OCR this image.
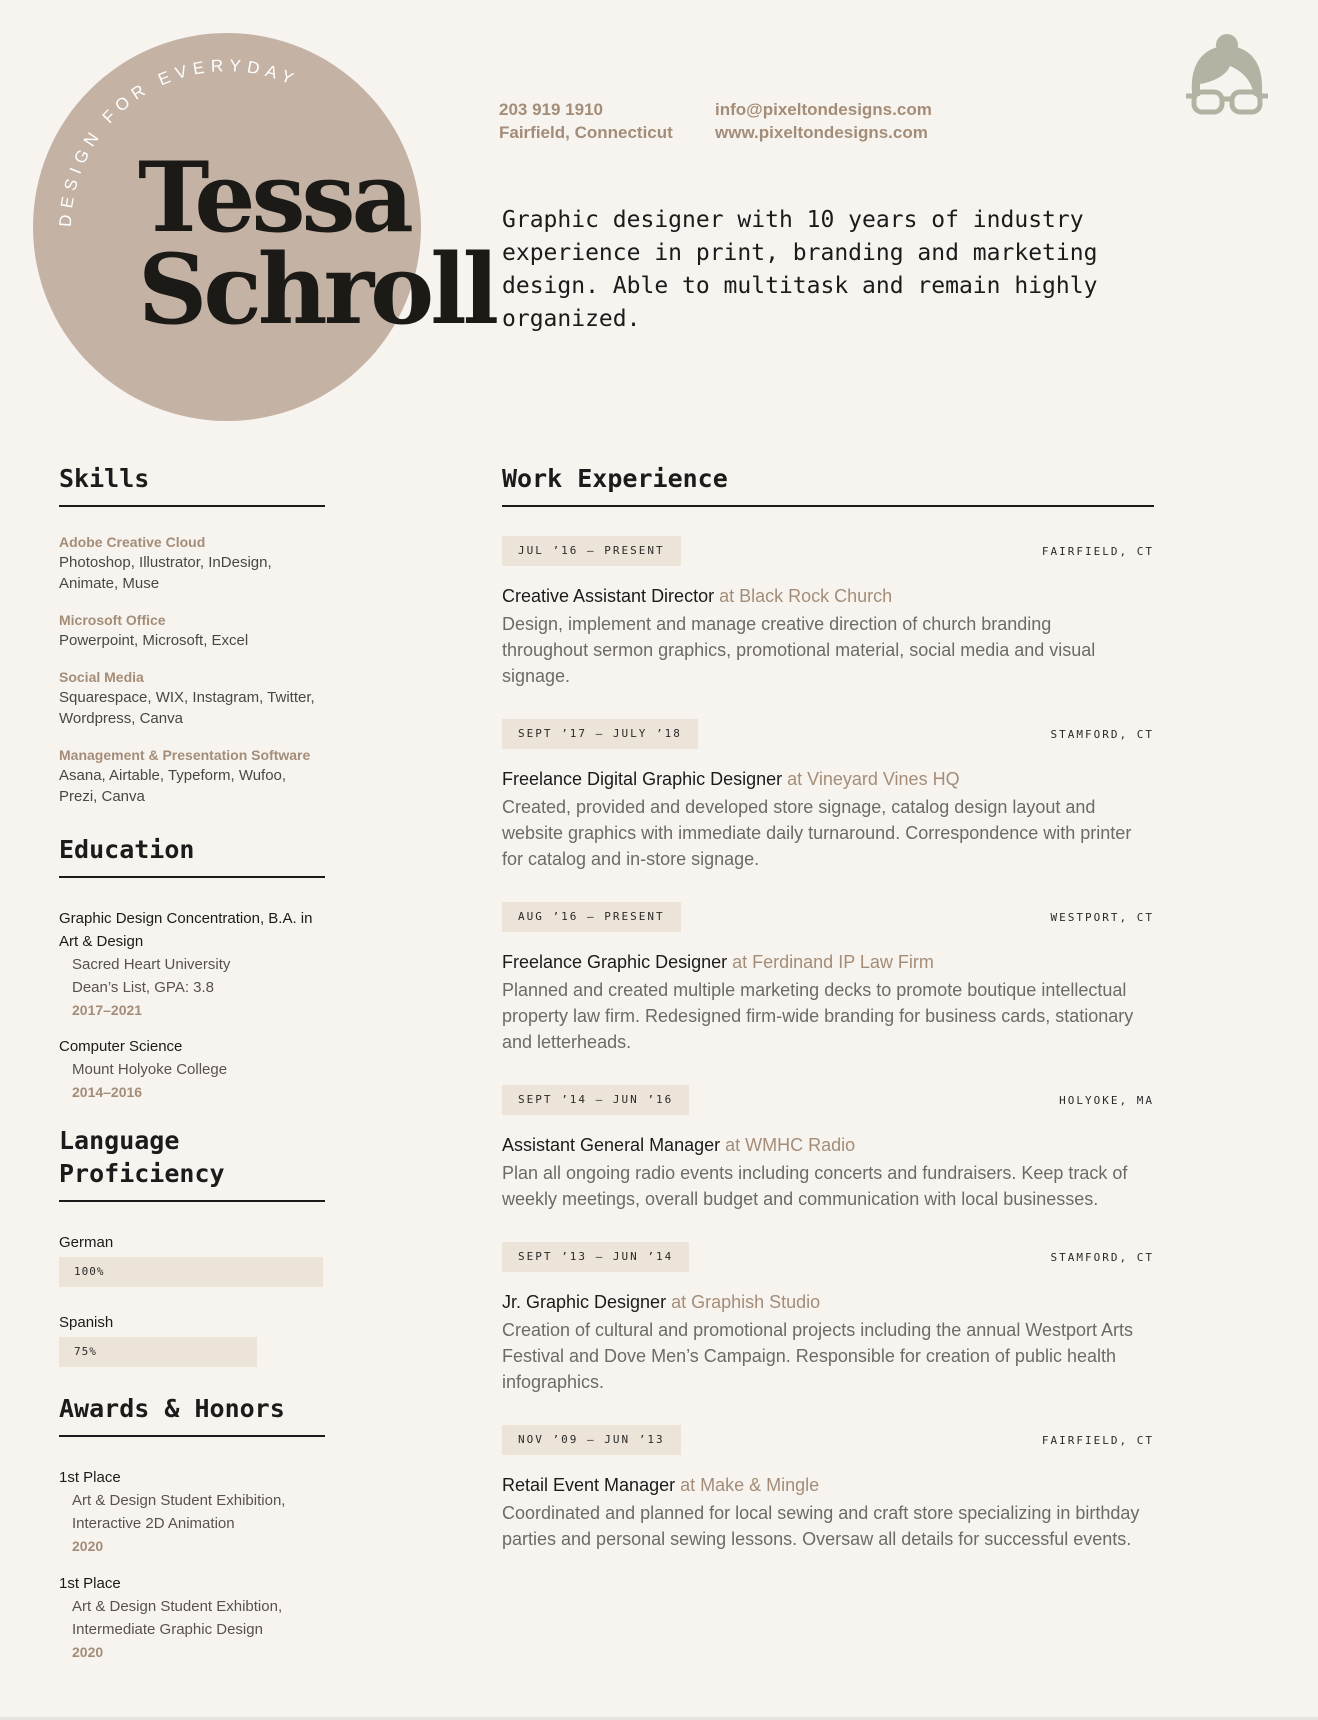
DESIGN FOR EVERYDAY
Tessa
Schroll
203 919 1910
Fairfield, Connecticut
info@pixeltondesigns.com
www.pixeltondesigns.com
Graphic designer with 10 years of industry experience in print, branding and marketing design. Able to multitask and remain highly organized.
Skills
Adobe Creative Cloud
Photoshop, Illustrator, InDesign, Animate, Muse
Microsoft Office
Powerpoint, Microsoft, Excel
Social Media
Squarespace, WIX, Instagram, Twitter, Wordpress, Canva
Management & Presentation Software
Asana, Airtable, Typeform, Wufoo, Prezi, Canva
Education
Graphic Design Concentration, B.A. in Art & Design
Sacred Heart University
Dean’s List, GPA: 3.8
2017–2021
Computer Science
Mount Holyoke College
2014–2016
Language Proficiency
German
100%
Spanish
75%
Awards & Honors
1st Place
Art & Design Student Exhibition, Interactive 2D Animation
2020
1st Place
Art & Design Student Exhibtion, Intermediate Graphic Design
2020
Work Experience
JUL ’16 – PRESENT	FAIRFIELD, CT
Creative Assistant Director at Black Rock Church
Design, implement and manage creative direction of church branding throughout sermon graphics, promotional material, social media and visual signage.
SEPT ’17 – JULY ’18	STAMFORD, CT
Freelance Digital Graphic Designer at Vineyard Vines HQ
Created, provided and developed store signage, catalog design layout and website graphics with immediate daily turnaround. Correspondence with printer for catalog and in-store signage.
AUG ’16 – PRESENT	WESTPORT, CT
Freelance Graphic Designer at Ferdinand IP Law Firm
Planned and created multiple marketing decks to promote boutique intellectual property law firm. Redesigned firm-wide branding for business cards, stationary and letterheads.
SEPT ’14 – JUN ’16	HOLYOKE, MA
Assistant General Manager at WMHC Radio
Plan all ongoing radio events including concerts and fundraisers. Keep track of weekly meetings, overall budget and communication with local businesses.
SEPT ’13 – JUN ’14	STAMFORD, CT
Jr. Graphic Designer at Graphish Studio
Creation of cultural and promotional projects including the annual Westport Arts Festival and Dove Men’s Campaign. Responsible for creation of public health infographics.
NOV ’09 – JUN ’13	FAIRFIELD, CT
Retail Event Manager at Make & Mingle
Coordinated and planned for local sewing and craft store specializing in birthday parties and personal sewing lessons. Oversaw all details for successful events.
